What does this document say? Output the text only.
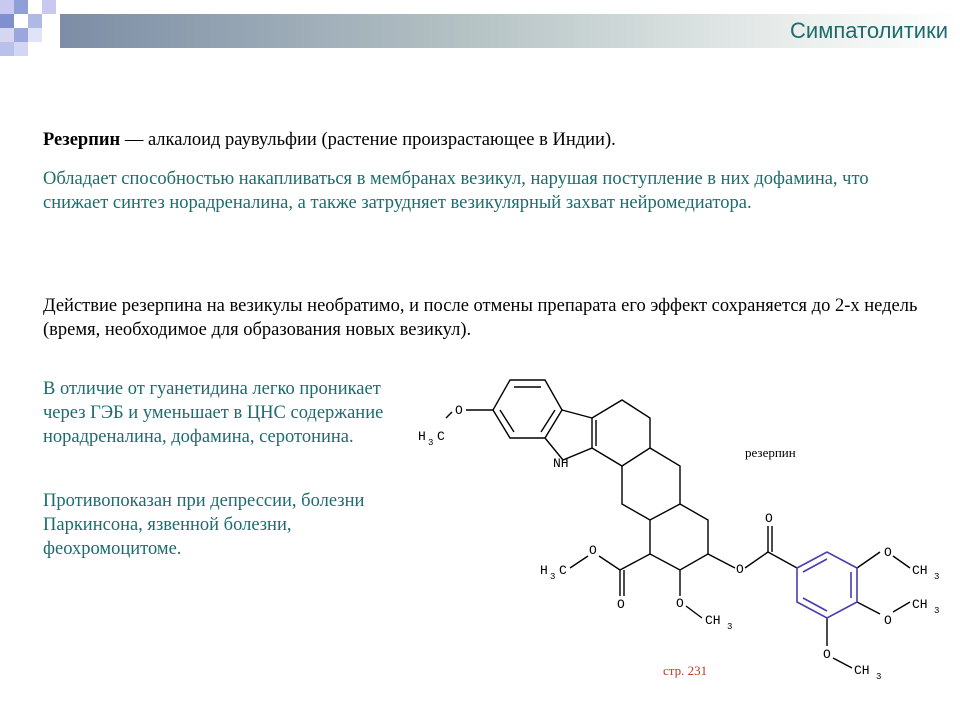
Симпатолитики

Резерпин — алкалоид раувульфии (растение произрастающее в Индии).

Обладает способностью накапливаться в мембранах везикул, нарушая поступление в них дофамина, что снижает синтез норадреналина, а также затрудняет везикулярный захват нейромедиатора.

Действие резерпина на везикулы необратимо, и после отмены препарата его эффект сохраняется до 2-х недель (время, необходимое для образования новых везикул).

В отличие от гуанетидина легко проникает через ГЭБ и уменьшает в ЦНС содержание норадреналина, дофамина, серотонина.

Противопоказан при депрессии, болезни Паркинсона, язвенной болезни, феохромоцитоме.

резерпин
стр. 231
O
H 3 C
NH
O
H 3 C
O	O
CH 3
O
O
O
CH 3
O
CH 3
O
CH 3
